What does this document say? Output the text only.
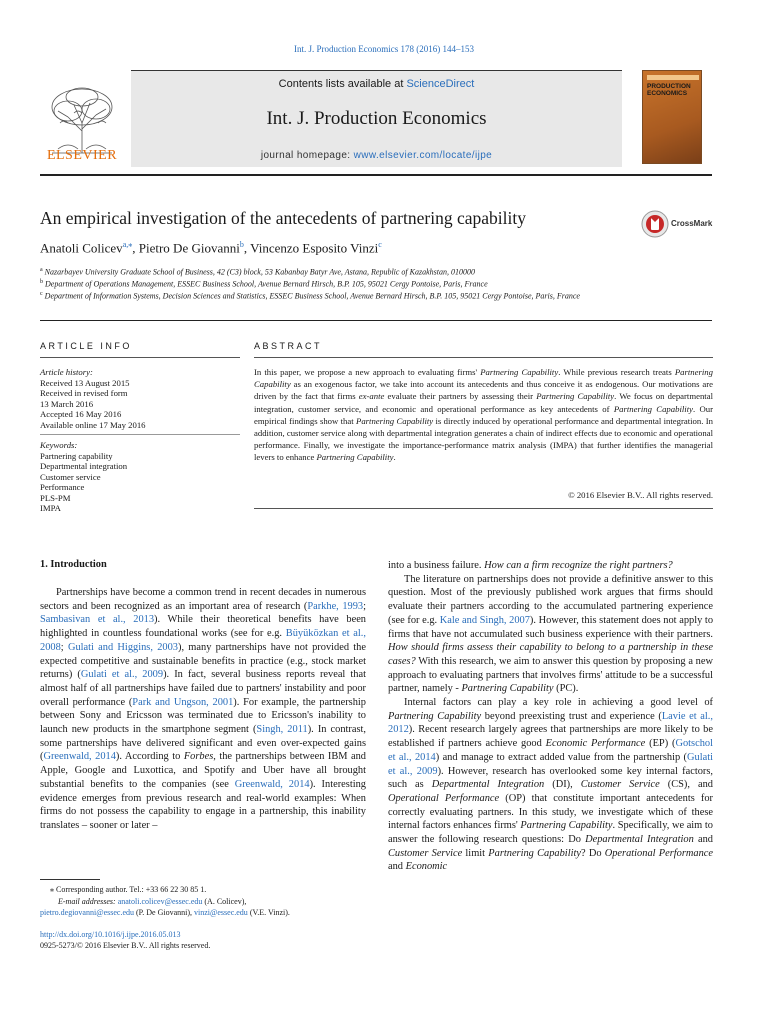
Int. J. Production Economics 178 (2016) 144–153
Contents lists available at ScienceDirect
Int. J. Production Economics
journal homepage: www.elsevier.com/locate/ijpe
ELSEVIER
PRODUCTION ECONOMICS
An empirical investigation of the antecedents of partnering capability	CrossMark
Anatoli Colicev$^{a,⁎}$, Pietro De Giovanni$^b$, Vincenzo Esposito Vinzi$^c$
$^a$ Nazarbayev University Graduate School of Business, 42 (C3) block, 53 Kabanbay Batyr Ave, Astana, Republic of Kazakhstan, 010000
$^b$ Department of Operations Management, ESSEC Business School, Avenue Bernard Hirsch, B.P. 105, 95021 Cergy Pontoise, Paris, France
$^c$ Department of Information Systems, Decision Sciences and Statistics, ESSEC Business School, Avenue Bernard Hirsch, B.P. 105, 95021 Cergy Pontoise, Paris, France
ARTICLE INFO
Article history:
Received 13 August 2015
Received in revised form
13 March 2016
Accepted 16 May 2016
Available online 17 May 2016
Keywords:
Partnering capability
Departmental integration
Customer service
Performance
PLS-PM
IMPA
ABSTRACT
In this paper, we propose a new approach to evaluating firms' Partnering Capability. While previous research treats Partnering Capability as an exogenous factor, we take into account its antecedents and thus conceive it as endogenous. Our motivations are driven by the fact that firms ex-ante evaluate their partners by assessing their Partnering Capability. We focus on departmental integration, customer service, and economic and operational performance as key antecedents of Partnering Capability. Our empirical findings show that Partnering Capability is directly induced by operational performance and departmental integration. In addition, customer service along with departmental integration generates a chain of indirect effects due to economic and operational performance. Finally, we investigate the importance-performance matrix analysis (IMPA) that further identifies the managerial levers to enhance Partnering Capability.
© 2016 Elsevier B.V.. All rights reserved.
1. Introduction

Partnerships have become a common trend in recent decades in numerous sectors and been recognized as an important area of research (Parkhe, 1993; Sambasivan et al., 2013). While their theoretical benefits have been highlighted in countless foundational works (see for e.g. Büyüközkan et al., 2008; Gulati and Higgins, 2003), many partnerships have not provided the expected competitive and sustainable benefits in practice (e.g., stock market returns) (Gulati et al., 2009). In fact, several business reports reveal that almost half of all partnerships have failed due to partners' instability and poor overall performance (Park and Ungson, 2001). For example, the partnership between Sony and Ericsson was terminated due to Ericsson's inability to launch new products in the smartphone segment (Singh, 2011). In contrast, some partnerships have delivered significant and even over-expected gains (Greenwald, 2014). According to Forbes, the partnerships between IBM and Apple, Google and Luxottica, and Spotify and Uber have all brought substantial benefits to the companies (see Greenwald, 2014). Interesting evidence emerges from previous research and real-world examples: When firms do not possess the capability to engage in a partnership, this inability translates – sooner or later –

into a business failure. How can a firm recognize the right partners?

The literature on partnerships does not provide a definitive answer to this question. Most of the previously published work argues that firms should evaluate their partners according to the accumulated partnering experience (see for e.g. Kale and Singh, 2007). However, this statement does not apply to firms that have not accumulated such business experience with their partners. How should firms assess their capability to belong to a partnership in these cases? With this research, we aim to answer this question by proposing a new approach to evaluating partners that involves firms' attitude to be a successful partner, namely - Partnering Capability (PC).

Internal factors can play a key role in achieving a good level of Partnering Capability beyond preexisting trust and experience (Lavie et al., 2012). Recent research largely agrees that partnerships are more likely to be established if partners achieve good Economic Performance (EP) (Gotschol et al., 2014) and manage to extract added value from the partnership (Gulati et al., 2009). However, research has overlooked some key internal factors, such as Departmental Integration (DI), Customer Service (CS), and Operational Performance (OP) that constitute important antecedents for correctly evaluating partners. In this study, we investigate which of these internal factors enhances firms' Partnering Capability. Specifically, we aim to answer the following research questions: Do Departmental Integration and Customer Service limit Partnering Capability? Do Operational Performance and Economic

⁎ Corresponding author. Tel.: +33 66 22 30 85 1.
E-mail addresses: anatoli.colicev@essec.edu (A. Colicev),
pietro.degiovanni@essec.edu (P. De Giovanni), vinzi@essec.edu (V.E. Vinzi).
http://dx.doi.org/10.1016/j.ijpe.2016.05.013
0925-5273/© 2016 Elsevier B.V.. All rights reserved.
